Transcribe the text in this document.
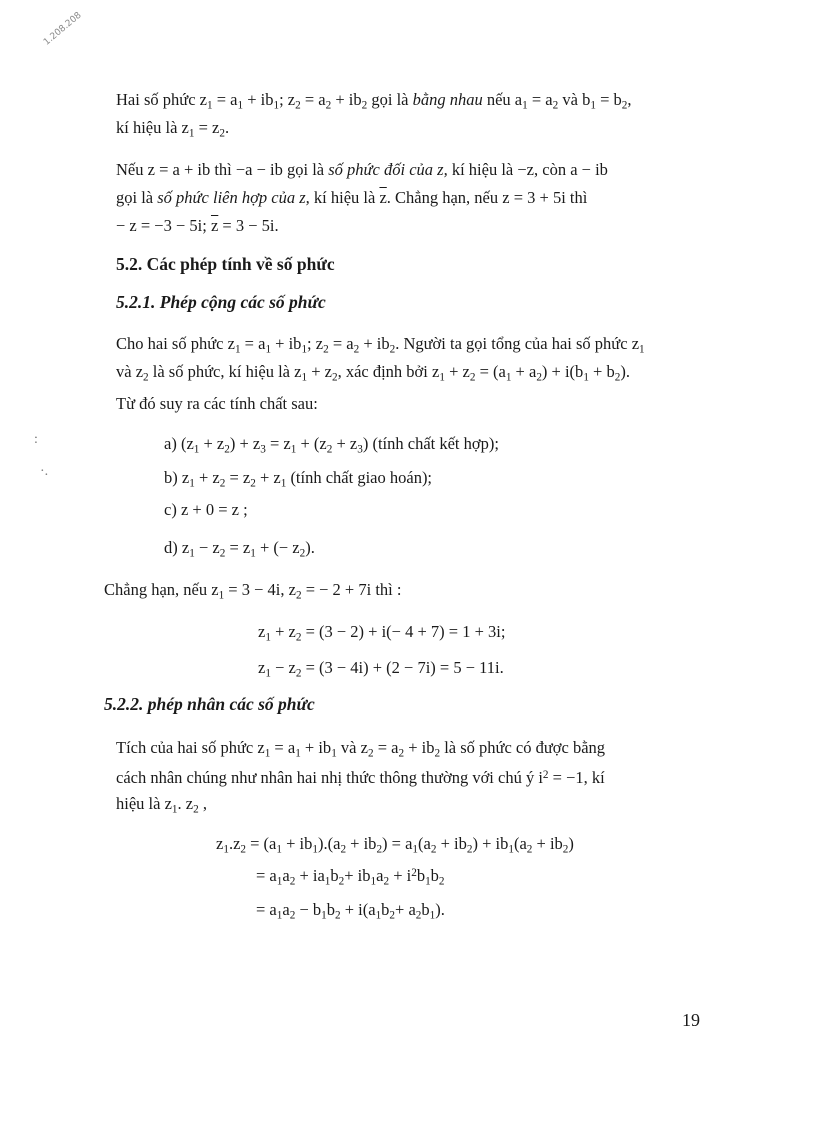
1.208.208
:
·.
Hai số phức $z_1 = a_1 + ib_1$; $z_2 = a_2 + ib_2$ gọi là bằng nhau nếu $a_1 = a_2$ và $b_1 = b_2$,
kí hiệu là $z_1 = z_2$.
Nếu z = a + ib thì −a − ib gọi là số phức đối của z, kí hiệu là −z, còn a − ib
gọi là số phức liên hợp của z, kí hiệu là $\overline{z}$. Chẳng hạn, nếu z = 3 + 5i thì
− z = −3 − 5i; $\overline{z} = 3 - 5i$.
5.2. Các phép tính về số phức
5.2.1. Phép cộng các số phức
Cho hai số phức $z_1 = a_1 + ib_1$; $z_2 = a_2 + ib_2$. Người ta gọi tổng của hai số phức $z_1$
và $z_2$ là số phức, kí hiệu là $z_1 + z_2$, xác định bởi $z_1 + z_2 = (a_1 + a_2) + i(b_1 + b_2)$.
Từ đó suy ra các tính chất sau:
a) $(z_1 + z_2) + z_3 = z_1 + (z_2 + z_3)$ (tính chất kết hợp);
b) $z_1 + z_2 = z_2 + z_1$ (tính chất giao hoán);
c) z + 0 = z ;
d) $z_1 - z_2 = z_1$ + (− $z_2$).
Chẳng hạn, nếu $z_1 = 3 - 4i$, $z_2$ = − 2 + 7i thì :
$z_1 + z_2 = (3 - 2) + i(- 4 + 7) = 1 + 3i$;
$z_1 - z_2 = (3 - 4i) + (2 - 7i) = 5 - 11i$.
5.2.2. phép nhân các số phức
Tích của hai số phức $z_1 = a_1 + ib_1$ và $z_2 = a_2 + ib_2$ là số phức có được bằng
cách nhân chúng như nhân hai nhị thức thông thường với chú ý $i^2 = -1$, kí
hiệu là $z_1$. $z_2$ ,
$z_1.z_2 = (a_1 + ib_1).(a_2 + ib_2) = a_1(a_2 + ib_2) + ib_1(a_2 + ib_2)$
= $a_1a_2 + ia_1b_2+ ib_1a_2 + i^2b_1b_2$
= $a_1a_2 - b_1b_2 + i(a_1b_2+ a_2b_1)$.
19
